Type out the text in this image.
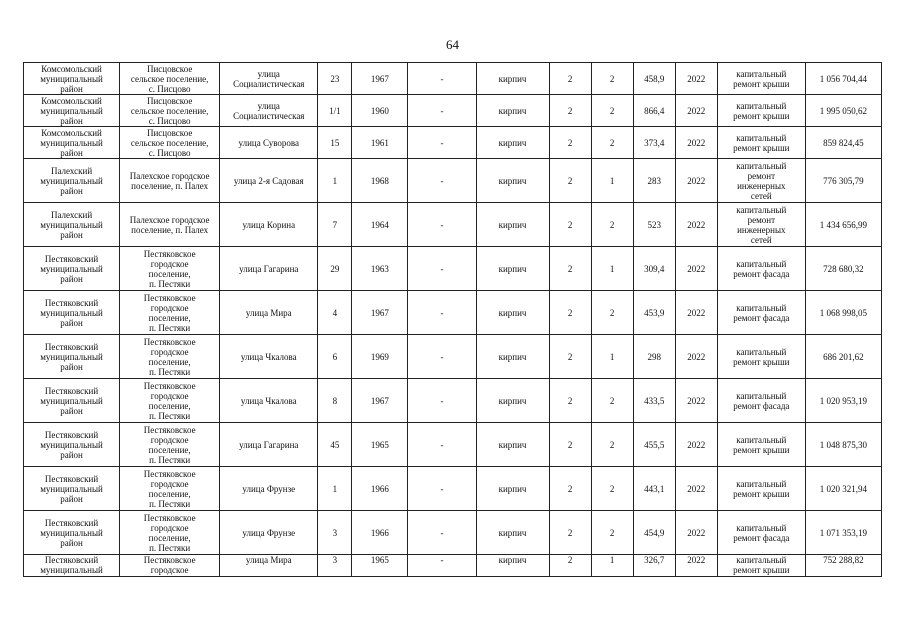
64
Комсомольский
муниципальный
район	Писцовское
сельское поселение,
с. Писцово	улица
Социалистическая	23	1967	-	кирпич	2	2	458,9	2022	капитальный
ремонт крыши	1 056 704,44
Комсомольский
муниципальный
район	Писцовское
сельское поселение,
с. Писцово	улица
Социалистическая	1/1	1960	-	кирпич	2	2	866,4	2022	капитальный
ремонт крыши	1 995 050,62
Комсомольский
муниципальный
район	Писцовское
сельское поселение,
с. Писцово	улица Суворова	15	1961	-	кирпич	2	2	373,4	2022	капитальный
ремонт крыши	859 824,45
Палехский
муниципальный
район	Палехское городское
поселение, п. Палех	улица 2-я Садовая	1	1968	-	кирпич	2	1	283	2022	капитальный
ремонт
инженерных
сетей	776 305,79
Палехский
муниципальный
район	Палехское городское
поселение, п. Палех	улица Корина	7	1964	-	кирпич	2	2	523	2022	капитальный
ремонт
инженерных
сетей	1 434 656,99
Пестяковский
муниципальный
район	Пестяковское
городское
поселение,
п. Пестяки	улица Гагарина	29	1963	-	кирпич	2	1	309,4	2022	капитальный
ремонт фасада	728 680,32
Пестяковский
муниципальный
район	Пестяковское
городское
поселение,
п. Пестяки	улица Мира	4	1967	-	кирпич	2	2	453,9	2022	капитальный
ремонт фасада	1 068 998,05
Пестяковский
муниципальный
район	Пестяковское
городское
поселение,
п. Пестяки	улица Чкалова	6	1969	-	кирпич	2	1	298	2022	капитальный
ремонт крыши	686 201,62
Пестяковский
муниципальный
район	Пестяковское
городское
поселение,
п. Пестяки	улица Чкалова	8	1967	-	кирпич	2	2	433,5	2022	капитальный
ремонт фасада	1 020 953,19
Пестяковский
муниципальный
район	Пестяковское
городское
поселение,
п. Пестяки	улица Гагарина	45	1965	-	кирпич	2	2	455,5	2022	капитальный
ремонт крыши	1 048 875,30
Пестяковский
муниципальный
район	Пестяковское
городское
поселение,
п. Пестяки	улица Фрунзе	1	1966	-	кирпич	2	2	443,1	2022	капитальный
ремонт крыши	1 020 321,94
Пестяковский
муниципальный
район	Пестяковское
городское
поселение,
п. Пестяки	улица Фрунзе	3	1966	-	кирпич	2	2	454,9	2022	капитальный
ремонт фасада	1 071 353,19
Пестяковский
муниципальный	Пестяковское
городское	улица Мира	3	1965	-	кирпич	2	1	326,7	2022	капитальный
ремонт крыши	752 288,82
